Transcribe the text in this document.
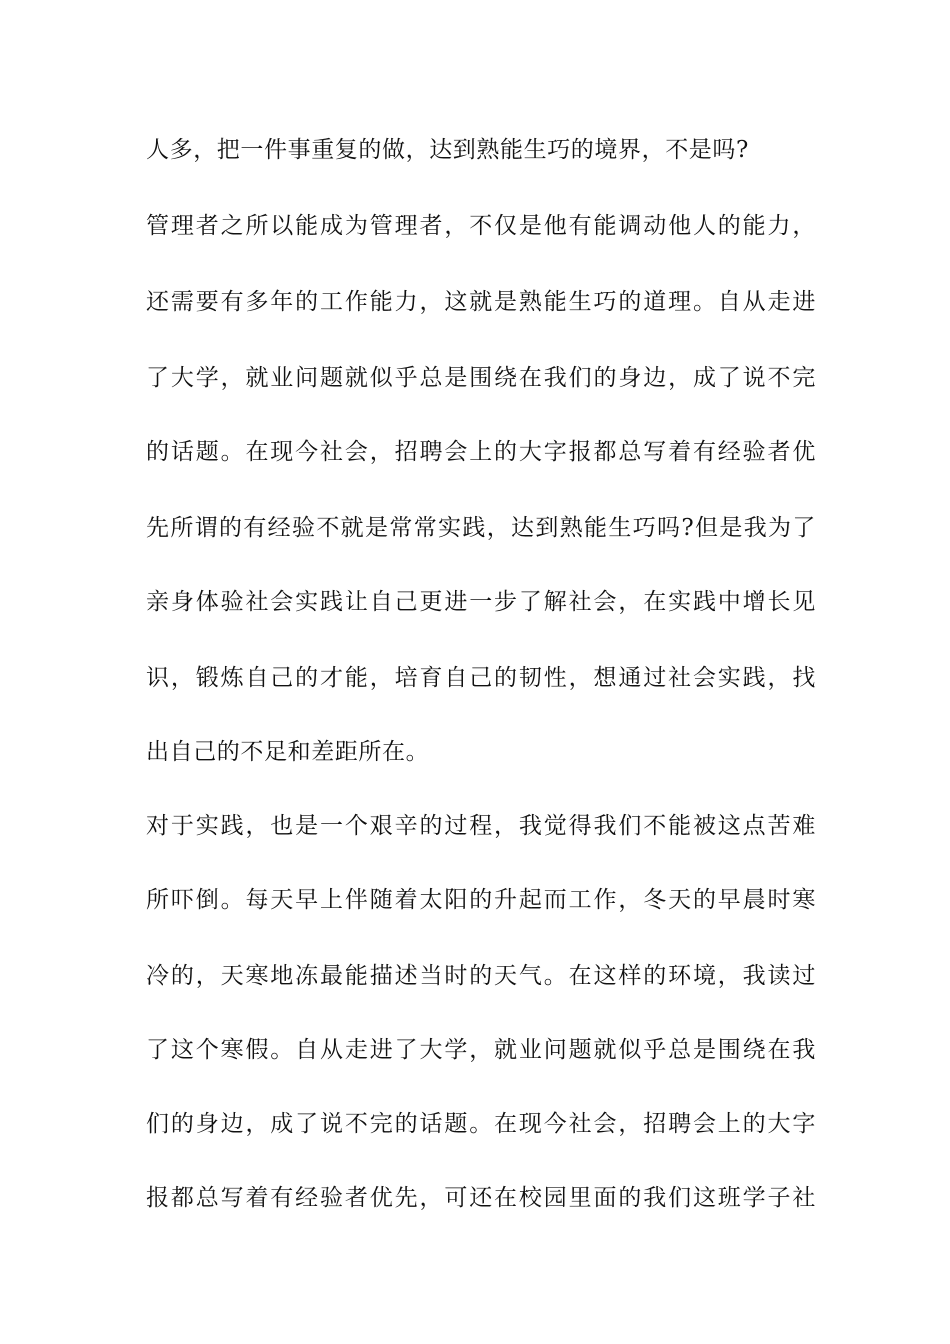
人多，把一件事重复的做，达到熟能生巧的境界，不是吗?
管理者之所以能成为管理者，不仅是他有能调动他人的能力，
还需要有多年的工作能力，这就是熟能生巧的道理。自从走进
了大学，就业问题就似乎总是围绕在我们的身边，成了说不完
的话题。在现今社会，招聘会上的大字报都总写着有经验者优
先所谓的有经验不就是常常实践，达到熟能生巧吗?但是我为了
亲身体验社会实践让自己更进一步了解社会，在实践中增长见
识，锻炼自己的才能，培育自己的韧性，想通过社会实践，找
出自己的不足和差距所在。
对于实践，也是一个艰辛的过程，我觉得我们不能被这点苦难
所吓倒。每天早上伴随着太阳的升起而工作，冬天的早晨时寒
冷的，天寒地冻最能描述当时的天气。在这样的环境，我读过
了这个寒假。自从走进了大学，就业问题就似乎总是围绕在我
们的身边，成了说不完的话题。在现今社会，招聘会上的大字
报都总写着有经验者优先，可还在校园里面的我们这班学子社
